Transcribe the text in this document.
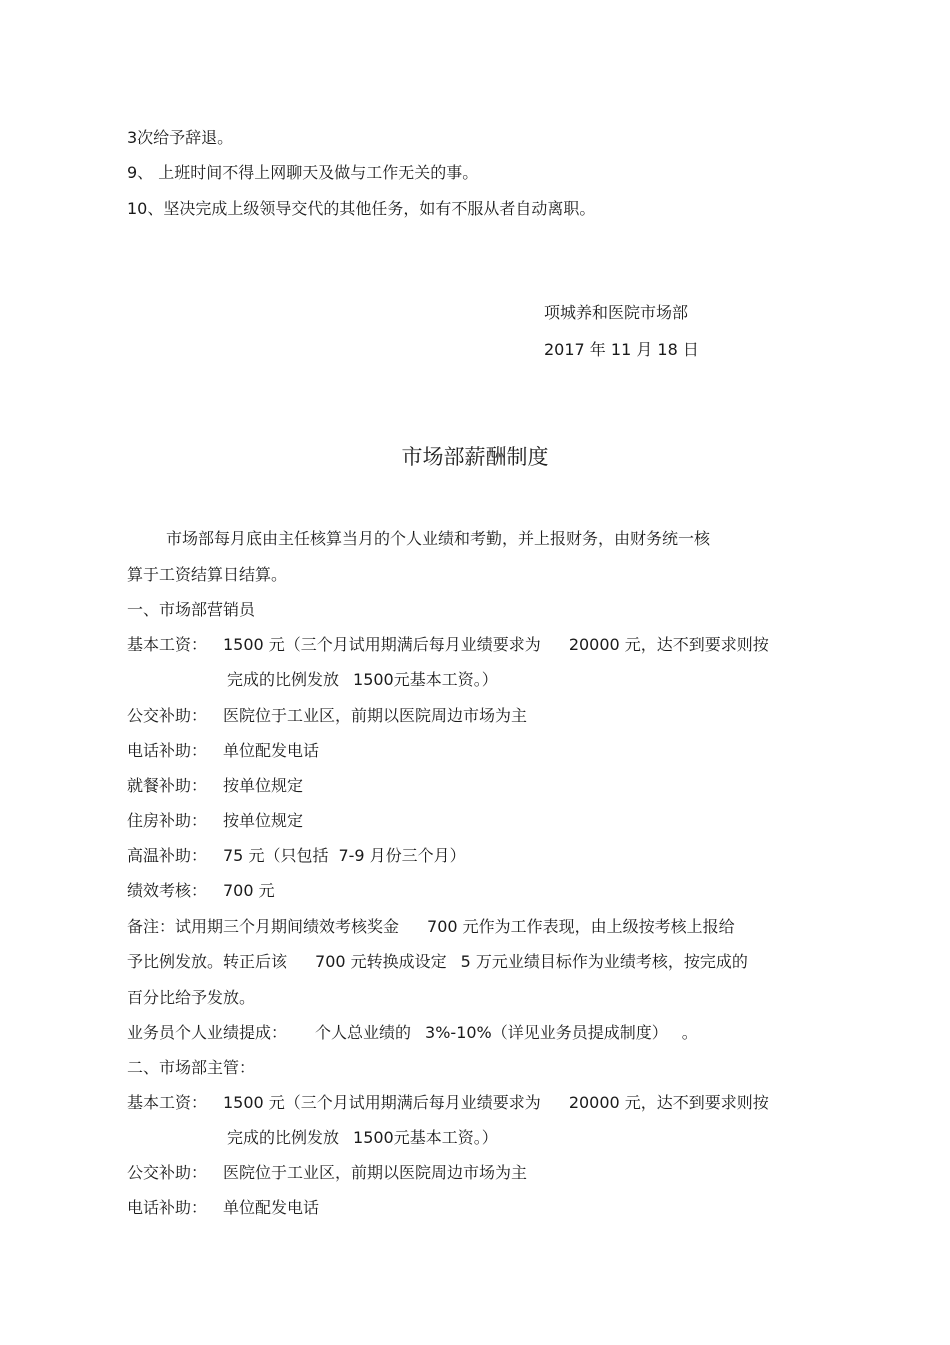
3次给予辞退。
9、 上班时间不得上网聊天及做与工作无关的事。
10、坚决完成上级领导交代的其他任务，如有不服从者自动离职。
项城养和医院市场部
2017 年 11 月 18 日
市场部薪酬制度
市场部每月底由主任核算当月的个人业绩和考勤，并上报财务，由财务统一核
算于工资结算日结算。
一、市场部营销员
基本工资： 1500 元（三个月试用期满后每月业绩要求为 20000 元，达不到要求则按
完成的比例发放 1500元基本工资。）
公交补助： 医院位于工业区，前期以医院周边市场为主
电话补助： 单位配发电话
就餐补助： 按单位规定
住房补助： 按单位规定
高温补助： 75 元（只包括 7-9 月份三个月）
绩效考核： 700 元
备注：试用期三个月期间绩效考核奖金 700 元作为工作表现，由上级按考核上报给
予比例发放。转正后该 700 元转换成设定 5 万元业绩目标作为业绩考核，按完成的
百分比给予发放。
业务员个人业绩提成： 个人总业绩的 3%-10%（详见业务员提成制度） 。
二、市场部主管：
基本工资： 1500 元（三个月试用期满后每月业绩要求为 20000 元，达不到要求则按
完成的比例发放 1500元基本工资。）
公交补助： 医院位于工业区，前期以医院周边市场为主
电话补助： 单位配发电话
